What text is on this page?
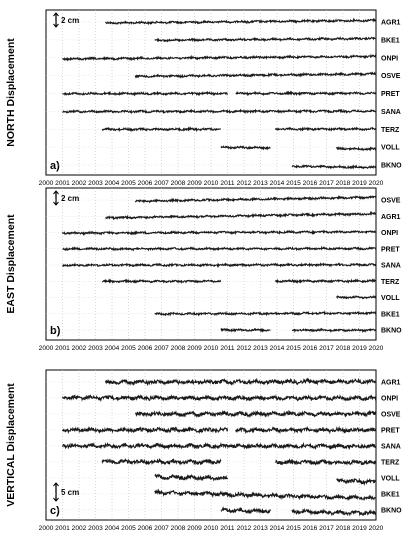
2000 2001 2002 2003 2004 2005 2006 2007 2008 2009 2010 2011 2012 2013 2014 2015 2016 2017 2018 2019 2020
NORTH Displacement
a)
2 cm	AGR1
BKE1
ONPI
OSVE
PRET
SANA
TERZ
VOLL
BKNO
2000 2001 2002 2003 2004 2005 2006 2007 2008 2009 2010 2011 2012 2013 2014 2015 2016 2017 2018 2019 2020
EAST Displacement
b)
2 cm	OSVE
AGR1
ONPI
PRET
SANA
TERZ
VOLL
BKE1
BKNO
2000 2001 2002 2003 2004 2005 2006 2007 2008 2009 2010 2011 2012 2013 2014 2015 2016 2017 2018 2019 2020
VERTICAL Displacement
c)
5 cm
AGR1
ONPI
OSVE
PRET
SANA
TERZ
VOLL
BKE1
BKNO
